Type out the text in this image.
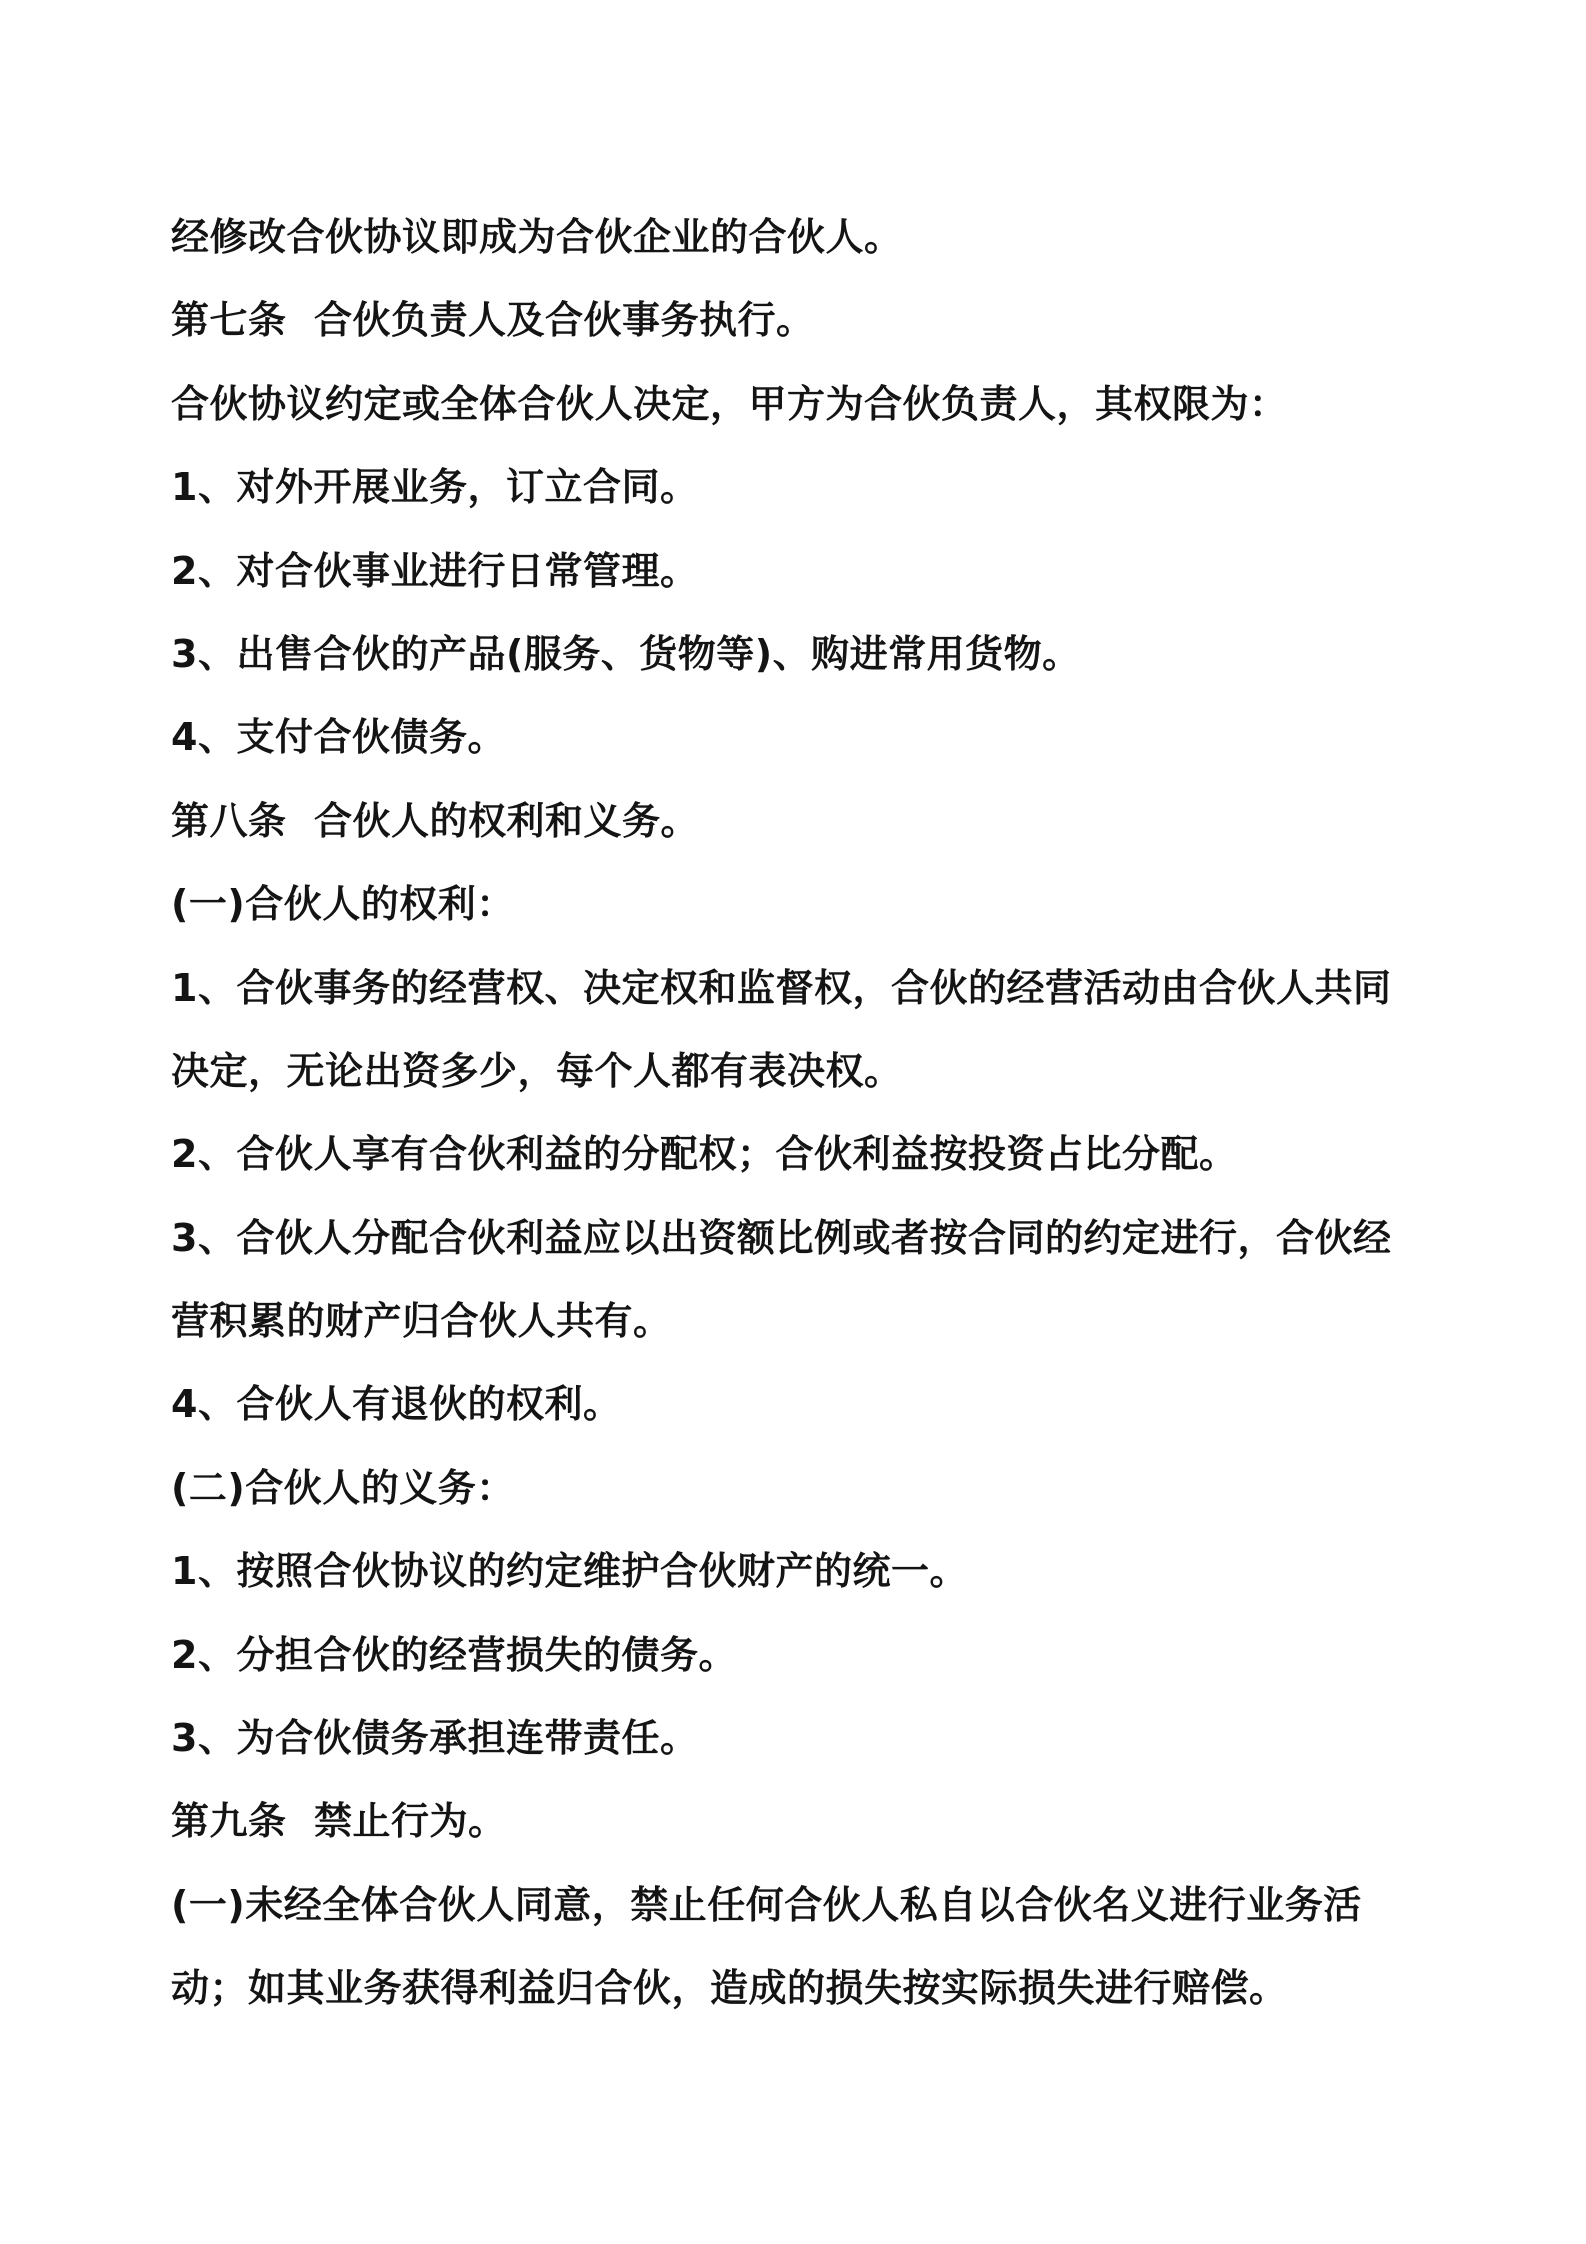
经修改合伙协议即成为合伙企业的合伙人。
第七条  合伙负责人及合伙事务执行。
合伙协议约定或全体合伙人决定，甲方为合伙负责人，其权限为：
1、对外开展业务，订立合同。
2、对合伙事业进行日常管理。
3、出售合伙的产品(服务、货物等)、购进常用货物。
4、支付合伙债务。
第八条  合伙人的权利和义务。
(一)合伙人的权利：
1、合伙事务的经营权、决定权和监督权，合伙的经营活动由合伙人共同
决定，无论出资多少，每个人都有表决权。
2、合伙人享有合伙利益的分配权；合伙利益按投资占比分配。
3、合伙人分配合伙利益应以出资额比例或者按合同的约定进行，合伙经
营积累的财产归合伙人共有。
4、合伙人有退伙的权利。
(二)合伙人的义务：
1、按照合伙协议的约定维护合伙财产的统一。
2、分担合伙的经营损失的债务。
3、为合伙债务承担连带责任。
第九条  禁止行为。
(一)未经全体合伙人同意，禁止任何合伙人私自以合伙名义进行业务活
动；如其业务获得利益归合伙，造成的损失按实际损失进行赔偿。
